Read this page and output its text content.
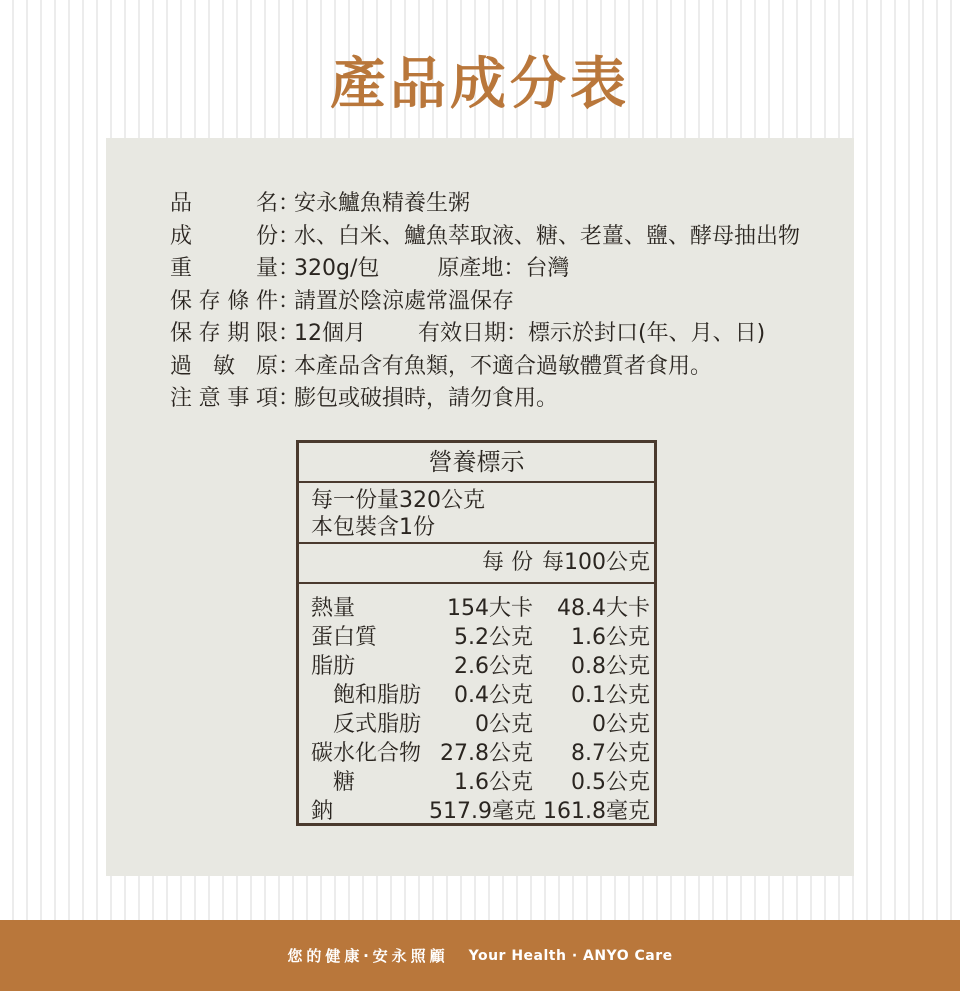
產品成分表
品	名 ：
安永鱸魚精養生粥
成	份 ：
水、白米、鱸魚萃取液、糖、老薑、鹽、酵母抽出物
重	量 ：
320g/包	原產地：台灣
保 存 條 件 ：
請置於陰涼處常溫保存
保 存 期 限 ：
12個月 有效日期：標示於封口(年、月、日)
過 敏 原 ：
本產品含有魚類，不適合過敏體質者食用。
注 意 事 項 ：
膨包或破損時，請勿食用。
營養標示
每一份量320公克
本包裝含1份
每 份 每100公克
熱量	154大卡	48.4大卡
蛋白質	5.2公克	1.6公克
脂肪	2.6公克	0.8公克
飽和脂肪	0.4公克	0.1公克
反式脂肪	0公克	0公克
碳水化合物 27.8公克	8.7公克
糖	1.6公克	0.5公克
鈉	517.9毫克 161.8毫克
您的健康‧安永照顧 Your Health · ANYO Care
